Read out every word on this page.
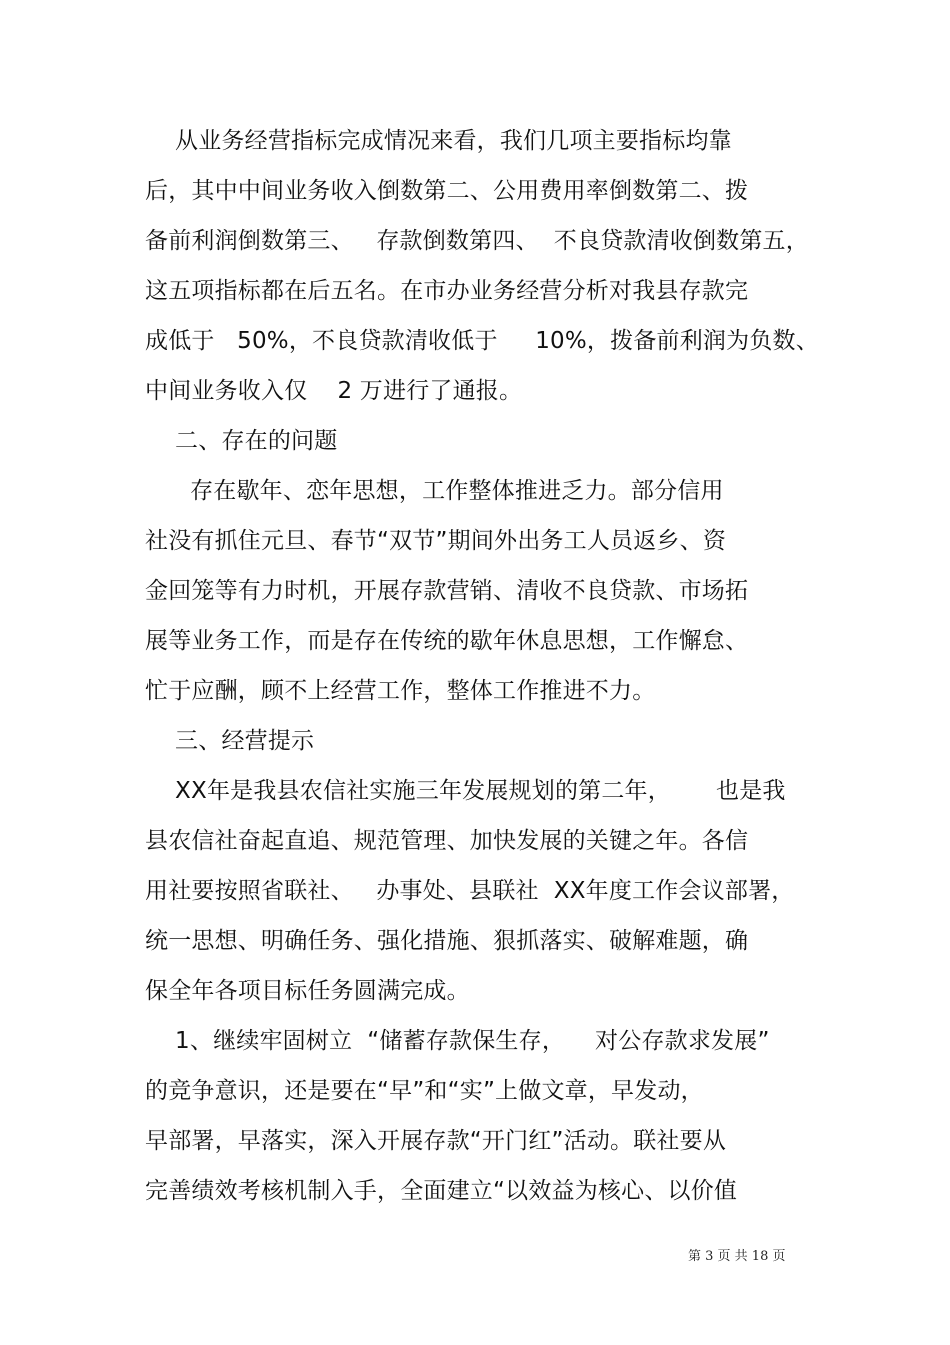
从业务经营指标完成情况来看，我们几项主要指标均靠
后，其中中间业务收入倒数第二、公用费用率倒数第二、拨
备前利润倒数第三、   存款倒数第四、  不良贷款清收倒数第五，
这五项指标都在后五名。在市办业务经营分析对我县存款完
成低于   50%，不良贷款清收低于     10%，拨备前利润为负数、
中间业务收入仅    2 万进行了通报。
二、存在的问题
存在歇年、恋年思想，工作整体推进乏力。部分信用
社没有抓住元旦、春节“双节”期间外出务工人员返乡、资
金回笼等有力时机，开展存款营销、清收不良贷款、市场拓
展等业务工作，而是存在传统的歇年休息思想，工作懈怠、
忙于应酬，顾不上经营工作，整体工作推进不力。
三、经营提示
XX年是我县农信社实施三年发展规划的第二年，      也是我
县农信社奋起直追、规范管理、加快发展的关键之年。各信
用社要按照省联社、   办事处、县联社  XX年度工作会议部署，
统一思想、明确任务、强化措施、狠抓落实、破解难题，确
保全年各项目标任务圆满完成。
1、继续牢固树立  “储蓄存款保生存，    对公存款求发展”
的竞争意识，还是要在“早”和“实”上做文章，早发动，
早部署，早落实，深入开展存款“开门红”活动。联社要从
完善绩效考核机制入手，全面建立“以效益为核心、以价值
第 3 页 共 18 页
